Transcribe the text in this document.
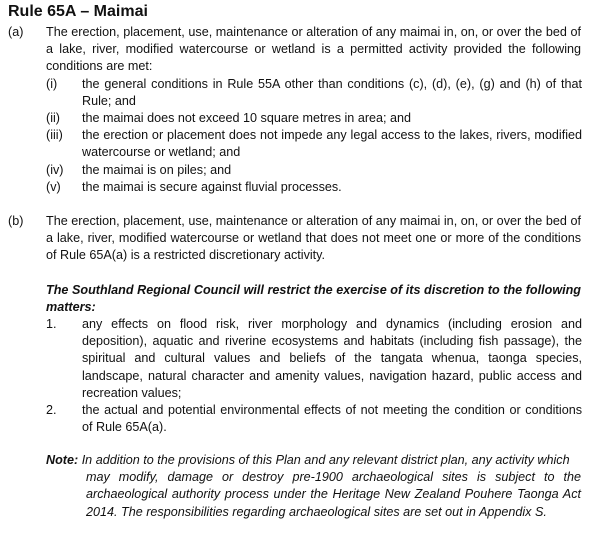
Rule 65A – Maimai
(a) The erection, placement, use, maintenance or alteration of any maimai in, on, or over the bed of a lake, river, modified watercourse or wetland is a permitted activity provided the following conditions are met:
(i) the general conditions in Rule 55A other than conditions (c), (d), (e), (g) and (h) of that Rule; and
(ii) the maimai does not exceed 10 square metres in area; and
(iii) the erection or placement does not impede any legal access to the lakes, rivers, modified watercourse or wetland; and
(iv) the maimai is on piles; and
(v) the maimai is secure against fluvial processes.
(b) The erection, placement, use, maintenance or alteration of any maimai in, on, or over the bed of a lake, river, modified watercourse or wetland that does not meet one or more of the conditions of Rule 65A(a) is a restricted discretionary activity.
The Southland Regional Council will restrict the exercise of its discretion to the following matters:
1. any effects on flood risk, river morphology and dynamics (including erosion and deposition), aquatic and riverine ecosystems and habitats (including fish passage), the spiritual and cultural values and beliefs of the tangata whenua, taonga species, landscape, natural character and amenity values, navigation hazard, public access and recreation values;
2. the actual and potential environmental effects of not meeting the condition or conditions of Rule 65A(a).
Note: In addition to the provisions of this Plan and any relevant district plan, any activity which
may modify, damage or destroy pre-1900 archaeological sites is subject to the archaeological authority process under the Heritage New Zealand Pouhere Taonga Act 2014. The responsibilities regarding archaeological sites are set out in Appendix S.
